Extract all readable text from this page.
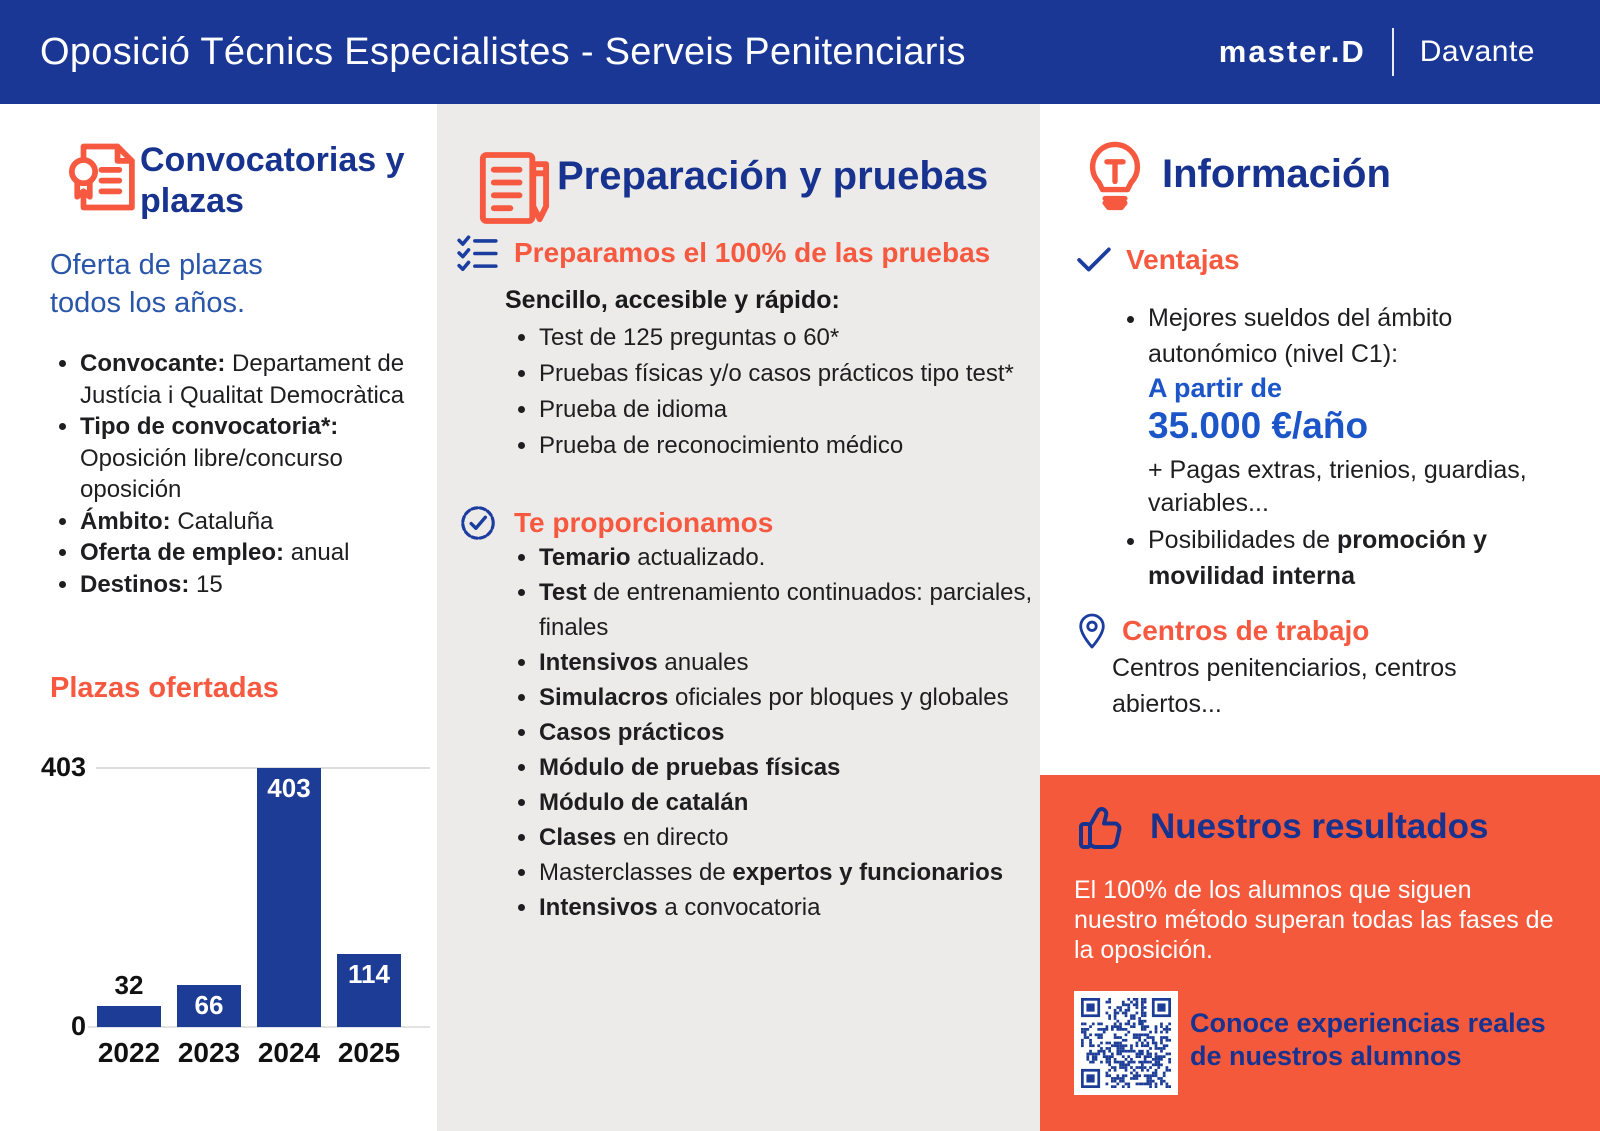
Oposició Técnics Especialistes - Serveis Penitenciaris	master.D Davante
Convocatorias y plazas

Oferta de plazas todos los años.

• Convocante: Departament de Justícia i Qualitat Democràtica
• Tipo de convocatoria*: Oposición libre/concurso oposición
• Ámbito: Cataluña
• Oferta de empleo: anual
• Destinos: 15
Plazas ofertadas
403
0
32
2022
66
2023
403
2024
114
2025
Preparación y pruebas
Preparamos el 100% de las pruebas

Sencillo, accesible y rápido:

• Test de 125 preguntas o 60*
• Pruebas físicas y/o casos prácticos tipo test*
• Prueba de idioma
• Prueba de reconocimiento médico
Te proporcionamos
• Temario actualizado.
• Test de entrenamiento continuados: parciales, finales
• Intensivos anuales
• Simulacros oficiales por bloques y globales
• Casos prácticos
• Módulo de pruebas físicas
• Módulo de catalán
• Clases en directo
• Masterclasses de expertos y funcionarios
• Intensivos a convocatoria
Información
Ventajas
• Mejores sueldos del ámbito autonómico (nivel C1):
A partir de
35.000 €/año
+ Pagas extras, trienios, guardias, variables...
• Posibilidades de promoción y movilidad interna
Centros de trabajo

Centros penitenciarios, centros abiertos...

Nuestros resultados

El 100% de los alumnos que siguen nuestro método superan todas las fases de la oposición.

Conoce experiencias reales de nuestros alumnos
